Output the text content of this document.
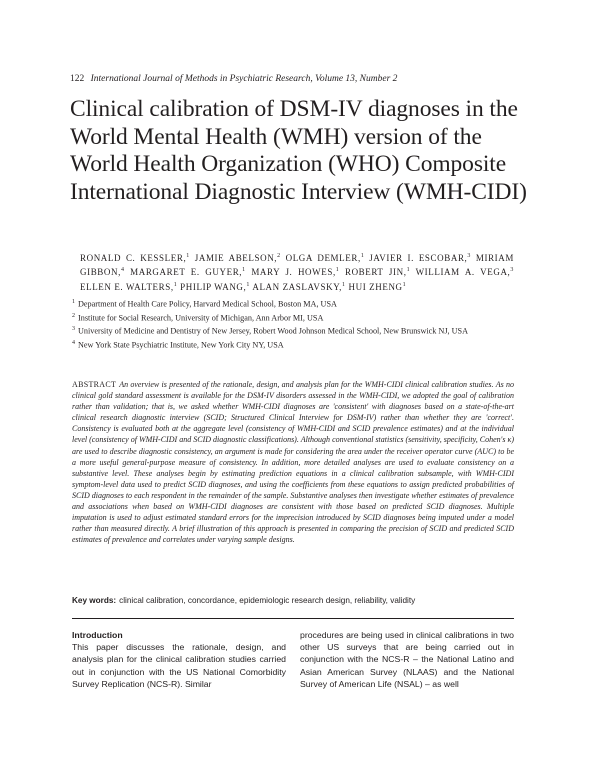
122 International Journal of Methods in Psychiatric Research, Volume 13, Number 2
Clinical calibration of DSM-IV diagnoses in the World Mental Health (WMH) version of the World Health Organization (WHO) Composite International Diagnostic Interview (WMH-CIDI)
RONALD C. KESSLER,$^1$ JAMIE ABELSON,$^2$ OLGA DEMLER,$^1$ JAVIER I. ESCOBAR,$^3$ MIRIAM GIBBON,$^4$ MARGARET E. GUYER,$^1$ MARY J. HOWES,$^1$ ROBERT JIN,$^1$ WILLIAM A. VEGA,$^3$ ELLEN E. WALTERS,$^1$ PHILIP WANG,$^1$ ALAN ZASLAVSKY,$^1$ HUI ZHENG$^1$
$^1$ Department of Health Care Policy, Harvard Medical School, Boston MA, USA
$^2$ Institute for Social Research, University of Michigan, Ann Arbor MI, USA
$^3$ University of Medicine and Dentistry of New Jersey, Robert Wood Johnson Medical School, New Brunswick NJ, USA
$^4$ New York State Psychiatric Institute, New York City NY, USA

ABSTRACT An overview is presented of the rationale, design, and analysis plan for the WMH-CIDI clinical calibration studies. As no clinical gold standard assessment is available for the DSM-IV disorders assessed in the WMH-CIDI, we adopted the goal of calibration rather than validation; that is, we asked whether WMH-CIDI diagnoses are 'consistent' with diagnoses based on a state-of-the-art clinical research diagnostic interview (SCID; Structured Clinical Interview for DSM-IV) rather than whether they are 'correct'. Consistency is evaluated both at the aggregate level (consistency of WMH-CIDI and SCID prevalence estimates) and at the individual level (consistency of WMH-CIDI and SCID diagnostic classifications). Although conventional statistics (sensitivity, specificity, Cohen's κ) are used to describe diagnostic consistency, an argument is made for considering the area under the receiver operator curve (AUC) to be a more useful general-purpose measure of consistency. In addition, more detailed analyses are used to evaluate consistency on a substantive level. These analyses begin by estimating prediction equations in a clinical calibration subsample, with WMH-CIDI symptom-level data used to predict SCID diagnoses, and using the coefficients from these equations to assign predicted probabilities of SCID diagnoses to each respondent in the remainder of the sample. Substantive analyses then investigate whether estimates of prevalence and associations when based on WMH-CIDI diagnoses are consistent with those based on predicted SCID diagnoses. Multiple imputation is used to adjust estimated standard errors for the imprecision introduced by SCID diagnoses being imputed under a model rather than measured directly. A brief illustration of this approach is presented in comparing the precision of SCID and predicted SCID estimates of prevalence and correlates under varying sample designs.

Key words: clinical calibration, concordance, epidemiologic research design, reliability, validity
Introduction

This paper discusses the rationale, design, and analysis plan for the clinical calibration studies carried out in conjunction with the US National Comorbidity Survey Replication (NCS-R). Similar

procedures are being used in clinical calibrations in two other US surveys that are being carried out in conjunction with the NCS-R – the National Latino and Asian American Survey (NLAAS) and the National Survey of American Life (NSAL) – as well
